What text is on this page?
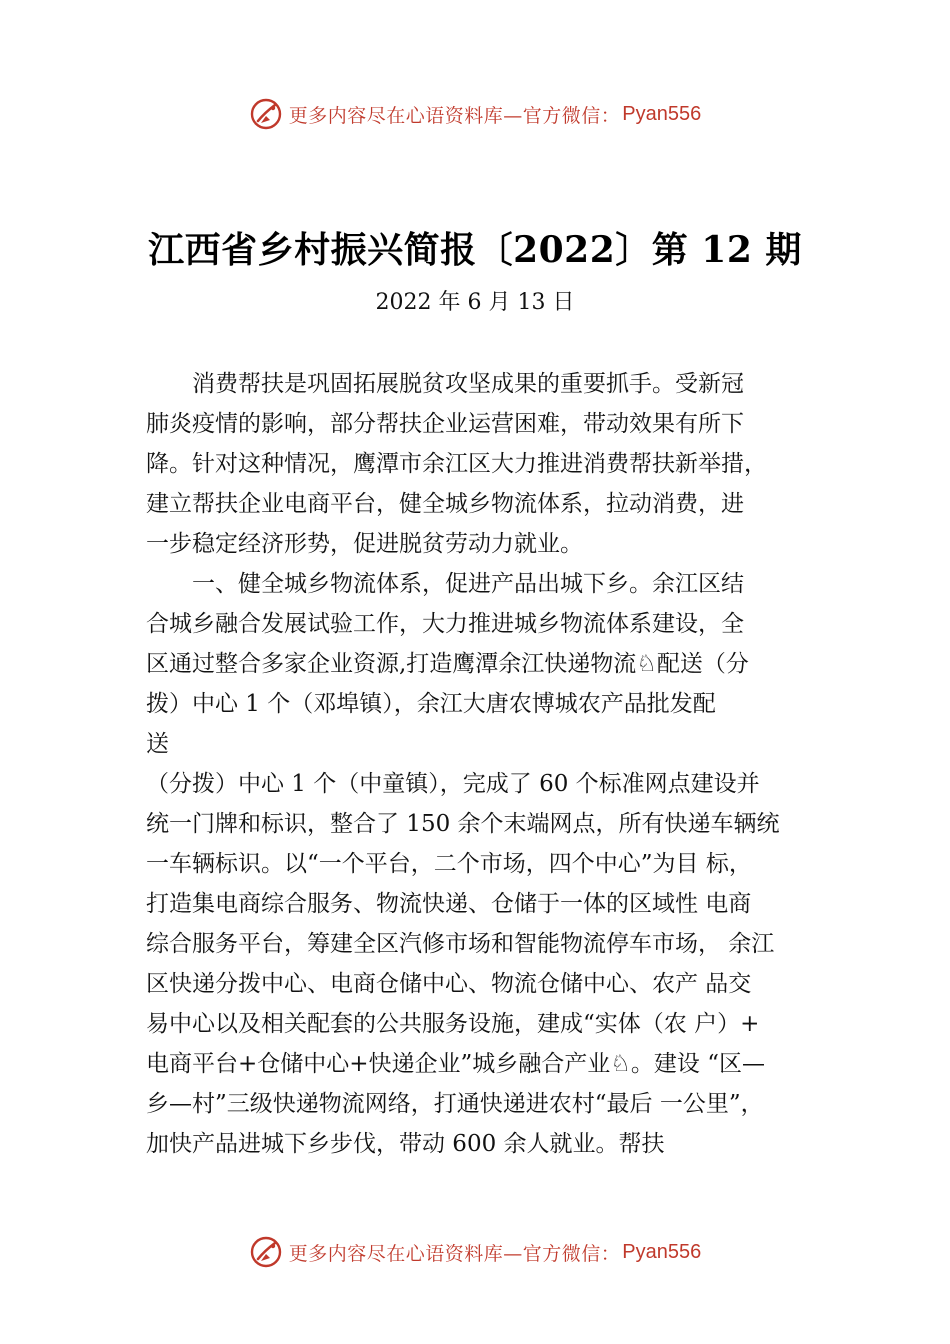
更多内容尽在心语资料库—官方微信： Pyan556
江西省乡村振兴简报〔2022〕第 12 期
2022 年 6 月 13 日
消费帮扶是巩固拓展脱贫攻坚成果的重要抓手。受新冠
肺炎疫情的影响，部分帮扶企业运营困难，带动效果有所下
降。针对这种情况，鹰潭市余江区大力推进消费帮扶新举措，
建立帮扶企业电商平台，健全城乡物流体系，拉动消费，进
一步稳定经济形势，促进脱贫劳动力就业。
一、健全城乡物流体系，促进产品出城下乡。余江区结
合城乡融合发展试验工作，大力推进城乡物流体系建设，全
区通过整合多家企业资源,打造鹰潭余江快递物流♘配送（分
拨）中心 1 个（邓埠镇），余江大唐农博城农产品批发配
送
（分拨）中心 1 个（中童镇），完成了 60 个标准网点建设并
统一门牌和标识，整合了 150 余个末端网点，所有快递车辆统
一车辆标识。以“一个平台，二个市场，四个中心”为目 标，
打造集电商综合服务、物流快递、仓储于一体的区域性 电商
综合服务平台，筹建全区汽修市场和智能物流停车市场， 余江
区快递分拨中心、电商仓储中心、物流仓储中心、农产 品交
易中心以及相关配套的公共服务设施，建成“实体（农 户）+
电商平台+仓储中心+快递企业”城乡融合产业♘。建设 “区—
乡—村”三级快递物流网络，打通快递进农村“最后 一公里”，
加快产品进城下乡步伐，带动 600 余人就业。帮扶
更多内容尽在心语资料库—官方微信： Pyan556
